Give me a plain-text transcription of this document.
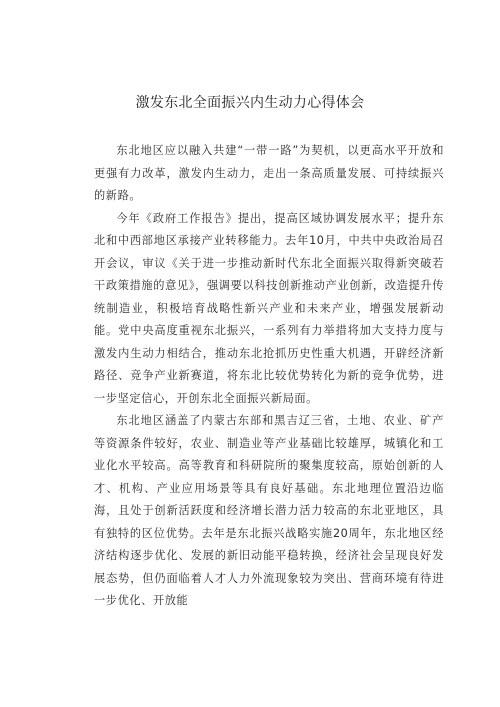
激发东北全面振兴内生动力心得体会

东北地区应以融入共建“一带一路”为契机，以更高水平开放和更强有力改革，激发内生动力，走出一条高质量发展、可持续振兴的新路。

今年《政府工作报告》提出，提高区域协调发展水平；提升东北和中西部地区承接产业转移能力。去年10月，中共中央政治局召开会议，审议《关于进一步推动新时代东北全面振兴取得新突破若干政策措施的意见》，强调要以科技创新推动产业创新，改造提升传统制造业，积极培育战略性新兴产业和未来产业，增强发展新动能。党中央高度重视东北振兴，一系列有力举措将加大支持力度与激发内生动力相结合，推动东北抢抓历史性重大机遇，开辟经济新路径、竞争产业新赛道，将东北比较优势转化为新的竞争优势，进一步坚定信心，开创东北全面振兴新局面。

东北地区涵盖了内蒙古东部和黑吉辽三省，土地、农业、矿产等资源条件较好，农业、制造业等产业基础比较雄厚，城镇化和工业化水平较高。高等教育和科研院所的聚集度较高，原始创新的人才、机构、产业应用场景等具有良好基础。东北地理位置沿边临海，且处于创新活跃度和经济增长潜力活力较高的东北亚地区，具有独特的区位优势。去年是东北振兴战略实施20周年，东北地区经济结构逐步优化、发展的新旧动能平稳转换，经济社会呈现良好发展态势，但仍面临着人才人力外流现象较为突出、营商环境有待进一步优化、开放能
